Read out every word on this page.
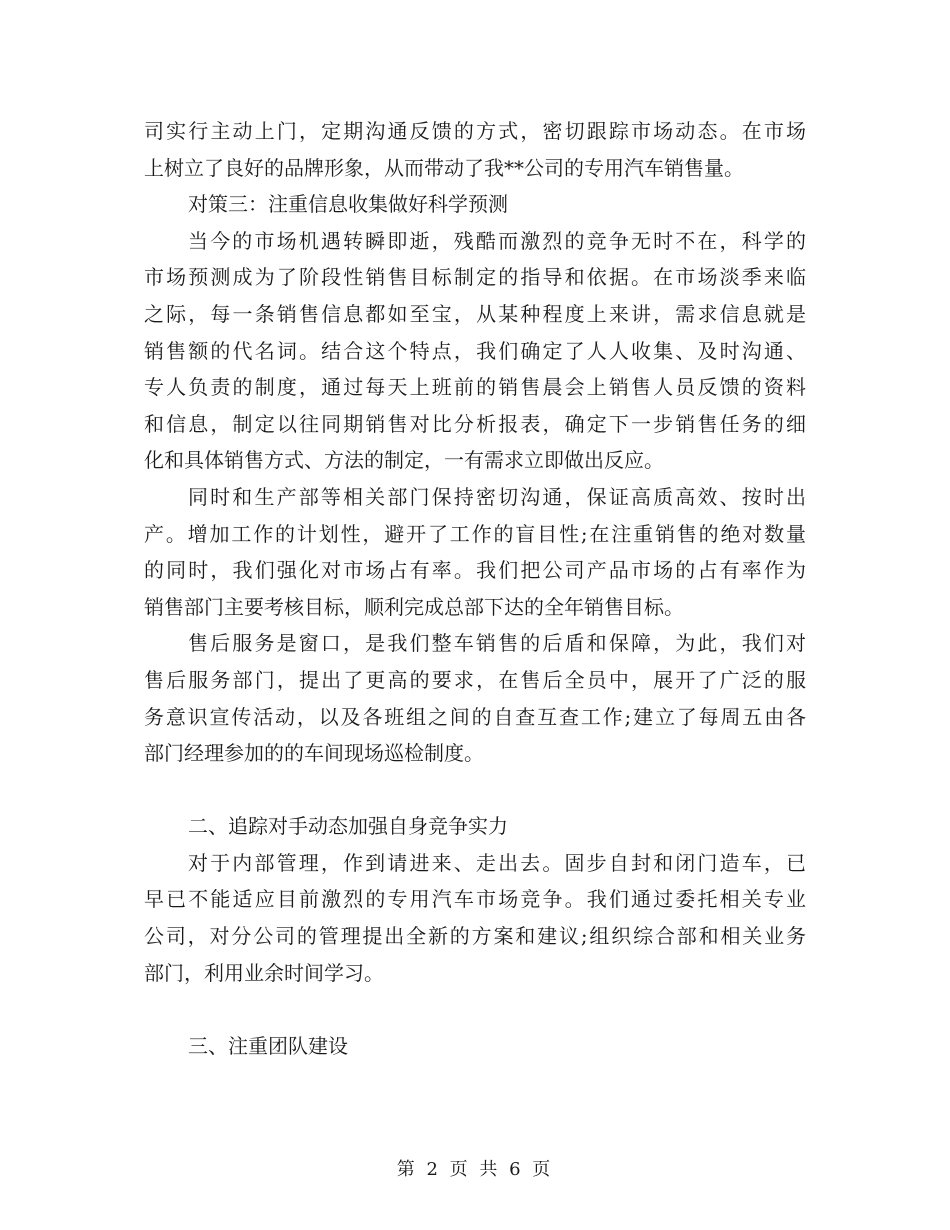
司实行主动上门，定期沟通反馈的方式，密切跟踪市场动态。在市场
上树立了良好的品牌形象，从而带动了我**公司的专用汽车销售量。
对策三：注重信息收集做好科学预测
当今的市场机遇转瞬即逝，残酷而激烈的竞争无时不在，科学的
市场预测成为了阶段性销售目标制定的指导和依据。在市场淡季来临
之际，每一条销售信息都如至宝，从某种程度上来讲，需求信息就是
销售额的代名词。结合这个特点，我们确定了人人收集、及时沟通、
专人负责的制度，通过每天上班前的销售晨会上销售人员反馈的资料
和信息，制定以往同期销售对比分析报表，确定下一步销售任务的细
化和具体销售方式、方法的制定，一有需求立即做出反应。
同时和生产部等相关部门保持密切沟通，保证高质高效、按时出
产。增加工作的计划性，避开了工作的盲目性;在注重销售的绝对数量
的同时，我们强化对市场占有率。我们把公司产品市场的占有率作为
销售部门主要考核目标，顺利完成总部下达的全年销售目标。
售后服务是窗口，是我们整车销售的后盾和保障，为此，我们对
售后服务部门，提出了更高的要求，在售后全员中，展开了广泛的服
务意识宣传活动，以及各班组之间的自查互查工作;建立了每周五由各
部门经理参加的的车间现场巡检制度。
二、追踪对手动态加强自身竞争实力
对于内部管理，作到请进来、走出去。固步自封和闭门造车，已
早已不能适应目前激烈的专用汽车市场竞争。我们通过委托相关专业
公司，对分公司的管理提出全新的方案和建议;组织综合部和相关业务
部门，利用业余时间学习。
三、注重团队建设
第 2 页 共 6 页
